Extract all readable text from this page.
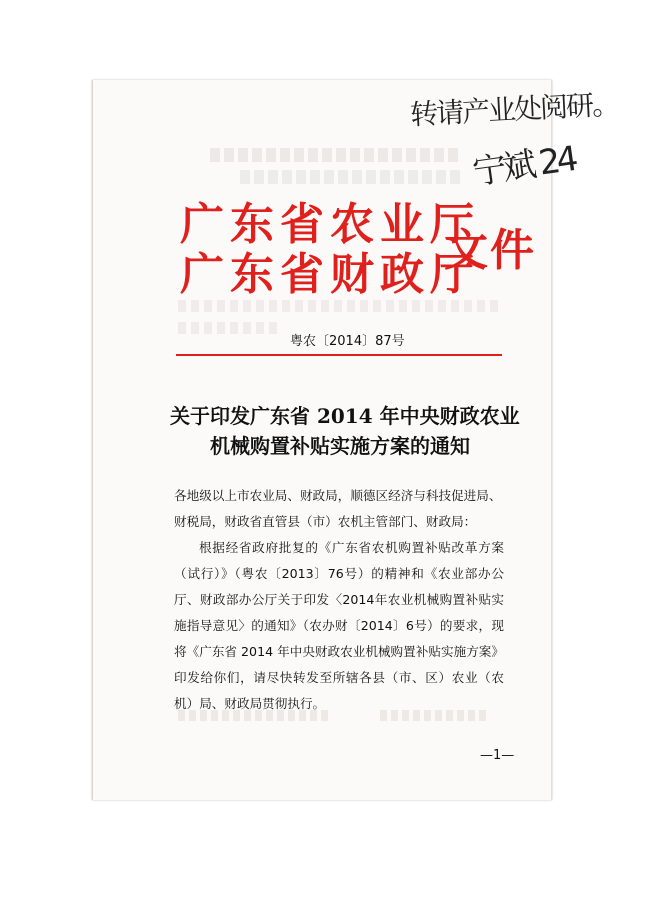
转请产业处阅研。
宁斌 24
广东省农业厅
广东省财政厅
文件
粤农〔2014〕87号
关于印发广东省 2014 年中央财政农业
机械购置补贴实施方案的通知
各地级以上市农业局、财政局，顺德区经济与科技促进局、财税局，财政省直管县（市）农机主管部门、财政局：
根据经省政府批复的《广东省农机购置补贴改革方案（试行）》（粤农〔2013〕76号）的精神和《农业部办公厅、财政部办公厅关于印发〈2014年农业机械购置补贴实施指导意见〉的通知》（农办财〔2014〕6号）的要求，现将《广东省 2014 年中央财政农业机械购置补贴实施方案》印发给你们，请尽快转发至所辖各县（市、区）农业（农机）局、财政局贯彻执行。
—1—
